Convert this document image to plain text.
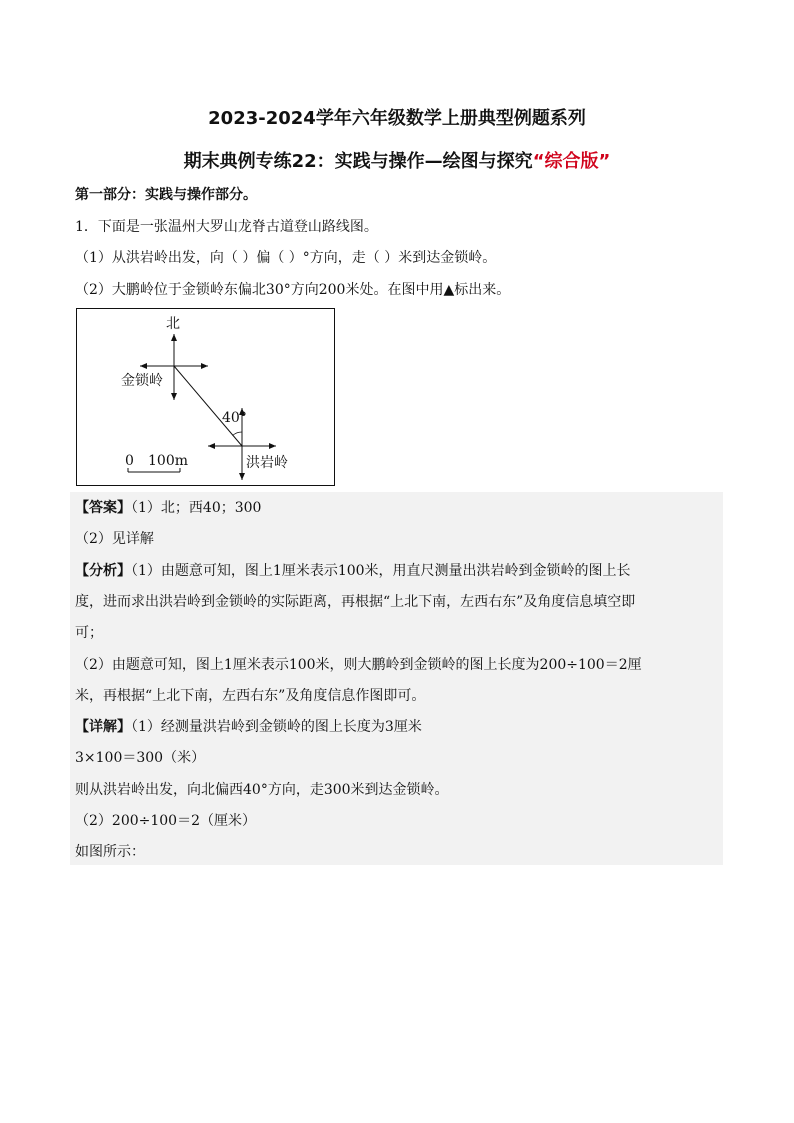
2023-2024学年六年级数学上册典型例题系列
期末典例专练22：实践与操作—绘图与探究“综合版”
第一部分：实践与操作部分。
1．下面是一张温州大罗山龙脊古道登山路线图。
（1）从洪岩岭出发，向（ ）偏（ ）°方向，走（ ）米到达金锁岭。
（2）大鹏岭位于金锁岭东偏北30°方向200米处。在图中用▲标出来。
北
金锁岭
40°
洪岩岭
0 100m
【答案】（1）北；西40；300
（2）见详解
【分析】（1）由题意可知，图上1厘米表示100米，用直尺测量出洪岩岭到金锁岭的图上长
度，进而求出洪岩岭到金锁岭的实际距离，再根据“上北下南，左西右东”及角度信息填空即
可；
（2）由题意可知，图上1厘米表示100米，则大鹏岭到金锁岭的图上长度为200÷100＝2厘
米，再根据“上北下南，左西右东”及角度信息作图即可。
【详解】（1）经测量洪岩岭到金锁岭的图上长度为3厘米
3×100＝300（米）
则从洪岩岭出发，向北偏西40°方向，走300米到达金锁岭。
（2）200÷100＝2（厘米）
如图所示：
